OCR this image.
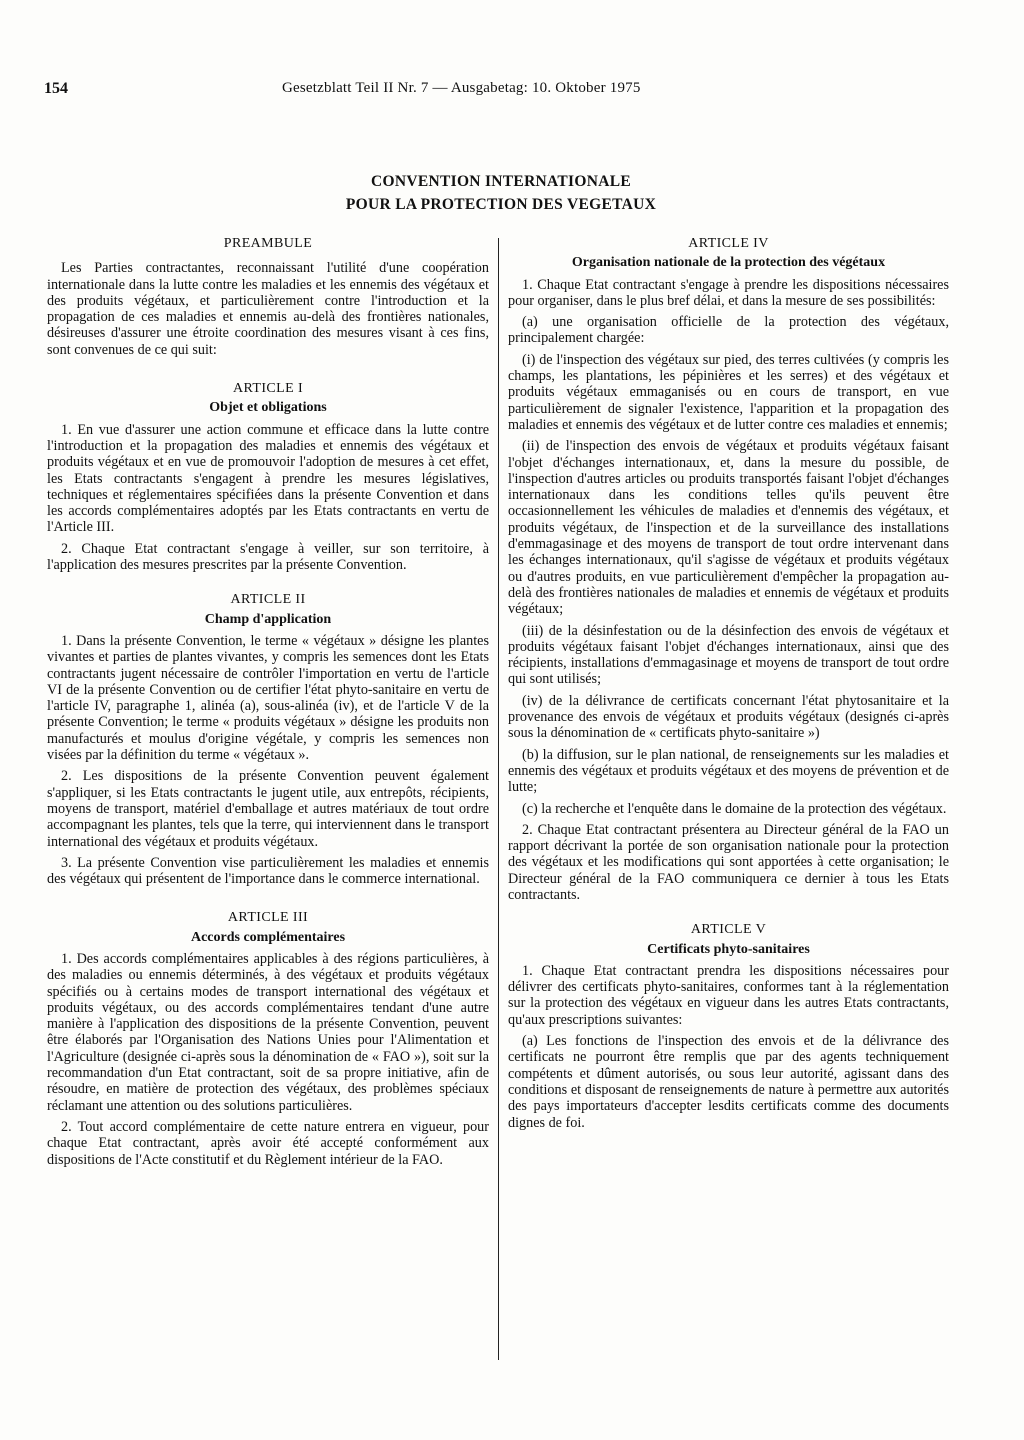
154	Gesetzblatt Teil II Nr. 7 — Ausgabetag: 10. Oktober 1975
CONVENTION INTERNATIONALE
POUR LA PROTECTION DES VEGETAUX
PREAMBULE

Les Parties contractantes, reconnaissant l'utilité d'une coopération internationale dans la lutte contre les maladies et les ennemis des végétaux et des produits végétaux, et particulièrement contre l'introduction et la propagation de ces maladies et ennemis au-delà des frontières nationales, désireuses d'assurer une étroite coordination des mesures visant à ces fins, sont convenues de ce qui suit:

ARTICLE I
Objet et obligations

1. En vue d'assurer une action commune et efficace dans la lutte contre l'introduction et la propagation des maladies et ennemis des végétaux et produits végétaux et en vue de promouvoir l'adoption de mesures à cet effet, les Etats contractants s'engagent à prendre les mesures législatives, techniques et réglementaires spécifiées dans la présente Convention et dans les accords complémentaires adoptés par les Etats contractants en vertu de l'Article III.

2. Chaque Etat contractant s'engage à veiller, sur son territoire, à l'application des mesures prescrites par la présente Convention.

ARTICLE II
Champ d'application

1. Dans la présente Convention, le terme « végétaux » désigne les plantes vivantes et parties de plantes vivantes, y compris les semences dont les Etats contractants jugent nécessaire de contrôler l'importation en vertu de l'article VI de la présente Convention ou de certifier l'état phyto-sanitaire en vertu de l'article IV, paragraphe 1, alinéa (a), sous-alinéa (iv), et de l'article V de la présente Convention; le terme « produits végétaux » désigne les produits non manufacturés et moulus d'origine végétale, y compris les semences non visées par la définition du terme « végétaux ».

2. Les dispositions de la présente Convention peuvent également s'appliquer, si les Etats contractants le jugent utile, aux entrepôts, récipients, moyens de transport, matériel d'emballage et autres matériaux de tout ordre accompagnant les plantes, tels que la terre, qui interviennent dans le transport international des végétaux et produits végétaux.

3. La présente Convention vise particulièrement les maladies et ennemis des végétaux qui présentent de l'importance dans le commerce international.

ARTICLE III
Accords complémentaires

1. Des accords complémentaires applicables à des régions particulières, à des maladies ou ennemis déterminés, à des végétaux et produits végétaux spécifiés ou à certains modes de transport international des végétaux et produits végétaux, ou des accords complémentaires tendant d'une autre manière à l'application des dispositions de la présente Convention, peuvent être élaborés par l'Organisation des Nations Unies pour l'Alimentation et l'Agriculture (designée ci-après sous la dénomination de « FAO »), soit sur la recommandation d'un Etat contractant, soit de sa propre initiative, afin de résoudre, en matière de protection des végétaux, des problèmes spéciaux réclamant une attention ou des solutions particulières.

2. Tout accord complémentaire de cette nature entrera en vigueur, pour chaque Etat contractant, après avoir été accepté conformément aux dispositions de l'Acte constitutif et du Règlement intérieur de la FAO.

ARTICLE IV
Organisation nationale de la protection des végétaux

1. Chaque Etat contractant s'engage à prendre les dispositions nécessaires pour organiser, dans le plus bref délai, et dans la mesure de ses possibilités:

(a) une organisation officielle de la protection des végétaux, principalement chargée:

(i) de l'inspection des végétaux sur pied, des terres cultivées (y compris les champs, les plantations, les pépinières et les serres) et des végétaux et produits végétaux emmaganisés ou en cours de transport, en vue particulièrement de signaler l'existence, l'apparition et la propagation des maladies et ennemis des végétaux et de lutter contre ces maladies et ennemis;

(ii) de l'inspection des envois de végétaux et produits végétaux faisant l'objet d'échanges internationaux, et, dans la mesure du possible, de l'inspection d'autres articles ou produits transportés faisant l'objet d'échanges internationaux dans les conditions telles qu'ils peuvent être occasionnellement les véhicules de maladies et d'ennemis des végétaux, et produits végétaux, de l'inspection et de la surveillance des installations d'emmagasinage et des moyens de transport de tout ordre intervenant dans les échanges internationaux, qu'il s'agisse de végétaux et produits végétaux ou d'autres produits, en vue particulièrement d'empêcher la propagation au-delà des frontières nationales de maladies et ennemis de végétaux et produits végétaux;

(iii) de la désinfestation ou de la désinfection des envois de végétaux et produits végétaux faisant l'objet d'échanges internationaux, ainsi que des récipients, installations d'emmagasinage et moyens de transport de tout ordre qui sont utilisés;

(iv) de la délivrance de certificats concernant l'état phytosanitaire et la provenance des envois de végétaux et produits végétaux (designés ci-après sous la dénomination de « certificats phyto-sanitaire »)

(b) la diffusion, sur le plan national, de renseignements sur les maladies et ennemis des végétaux et produits végétaux et des moyens de prévention et de lutte;

(c) la recherche et l'enquête dans le domaine de la protection des végétaux.

2. Chaque Etat contractant présentera au Directeur général de la FAO un rapport décrivant la portée de son organisation nationale pour la protection des végétaux et les modifications qui sont apportées à cette organisation; le Directeur général de la FAO communiquera ce dernier à tous les Etats contractants.

ARTICLE V
Certificats phyto-sanitaires

1. Chaque Etat contractant prendra les dispositions nécessaires pour délivrer des certificats phyto-sanitaires, conformes tant à la réglementation sur la protection des végétaux en vigueur dans les autres Etats contractants, qu'aux prescriptions suivantes:

(a) Les fonctions de l'inspection des envois et de la délivrance des certificats ne pourront être remplis que par des agents techniquement compétents et dûment autorisés, ou sous leur autorité, agissant dans des conditions et disposant de renseignements de nature à permettre aux autorités des pays importateurs d'accepter lesdits certificats comme des documents dignes de foi.
